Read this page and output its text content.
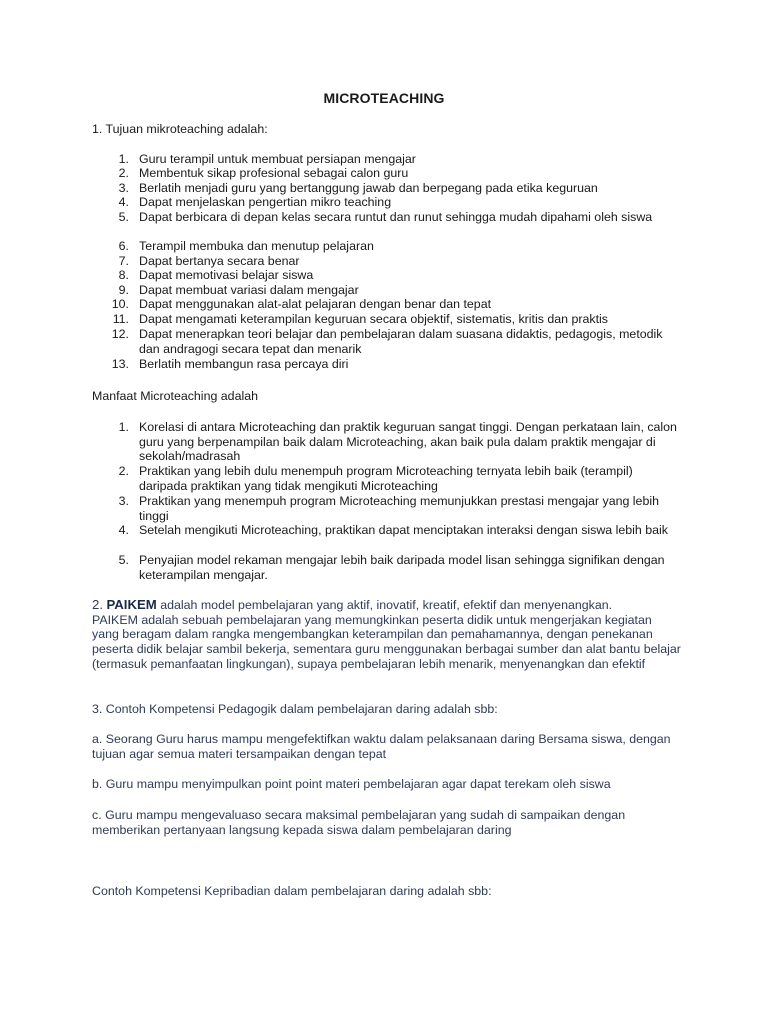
MICROTEACHING
1. Tujuan mikroteaching adalah:
1. Guru terampil untuk membuat persiapan mengajar
2. Membentuk sikap profesional sebagai calon guru
3. Berlatih menjadi guru yang bertanggung jawab dan berpegang pada etika keguruan
4. Dapat menjelaskan pengertian mikro teaching
5. Dapat berbicara di depan kelas secara runtut dan runut sehingga mudah dipahami oleh siswa
6. Terampil membuka dan menutup pelajaran
7. Dapat bertanya secara benar
8. Dapat memotivasi belajar siswa
9. Dapat membuat variasi dalam mengajar
10. Dapat menggunakan alat-alat pelajaran dengan benar dan tepat
11. Dapat mengamati keterampilan keguruan secara objektif, sistematis, kritis dan praktis
12. Dapat menerapkan teori belajar dan pembelajaran dalam suasana didaktis, pedagogis, metodik dan andragogi secara tepat dan menarik
13. Berlatih membangun rasa percaya diri
Manfaat Microteaching adalah
1. Korelasi di antara Microteaching dan praktik keguruan sangat tinggi. Dengan perkataan lain, calon guru yang berpenampilan baik dalam Microteaching, akan baik pula dalam praktik mengajar di sekolah/madrasah
2. Praktikan yang lebih dulu menempuh program Microteaching ternyata lebih baik (terampil) daripada praktikan yang tidak mengikuti Microteaching
3. Praktikan yang menempuh program Microteaching memunjukkan prestasi mengajar yang lebih tinggi
4. Setelah mengikuti Microteaching, praktikan dapat menciptakan interaksi dengan siswa lebih baik
5. Penyajian model rekaman mengajar lebih baik daripada model lisan sehingga signifikan dengan keterampilan mengajar.
2. PAIKEM adalah model pembelajaran yang aktif, inovatif, kreatif, efektif dan menyenangkan.
PAIKEM adalah sebuah pembelajaran yang memungkinkan peserta didik untuk mengerjakan kegiatan yang beragam dalam rangka mengembangkan keterampilan dan pemahamannya, dengan penekanan peserta didik belajar sambil bekerja, sementara guru menggunakan berbagai sumber dan alat bantu belajar (termasuk pemanfaatan lingkungan), supaya pembelajaran lebih menarik, menyenangkan dan efektif
3. Contoh Kompetensi Pedagogik dalam pembelajaran daring adalah sbb:
a. Seorang Guru harus mampu mengefektifkan waktu dalam pelaksanaan daring Bersama siswa, dengan tujuan agar semua materi tersampaikan dengan tepat
b. Guru mampu menyimpulkan point point materi pembelajaran agar dapat terekam oleh siswa
c. Guru mampu mengevaluaso secara maksimal pembelajaran yang sudah di sampaikan dengan memberikan pertanyaan langsung kepada siswa dalam pembelajaran daring
Contoh Kompetensi Kepribadian dalam pembelajaran daring adalah sbb:
